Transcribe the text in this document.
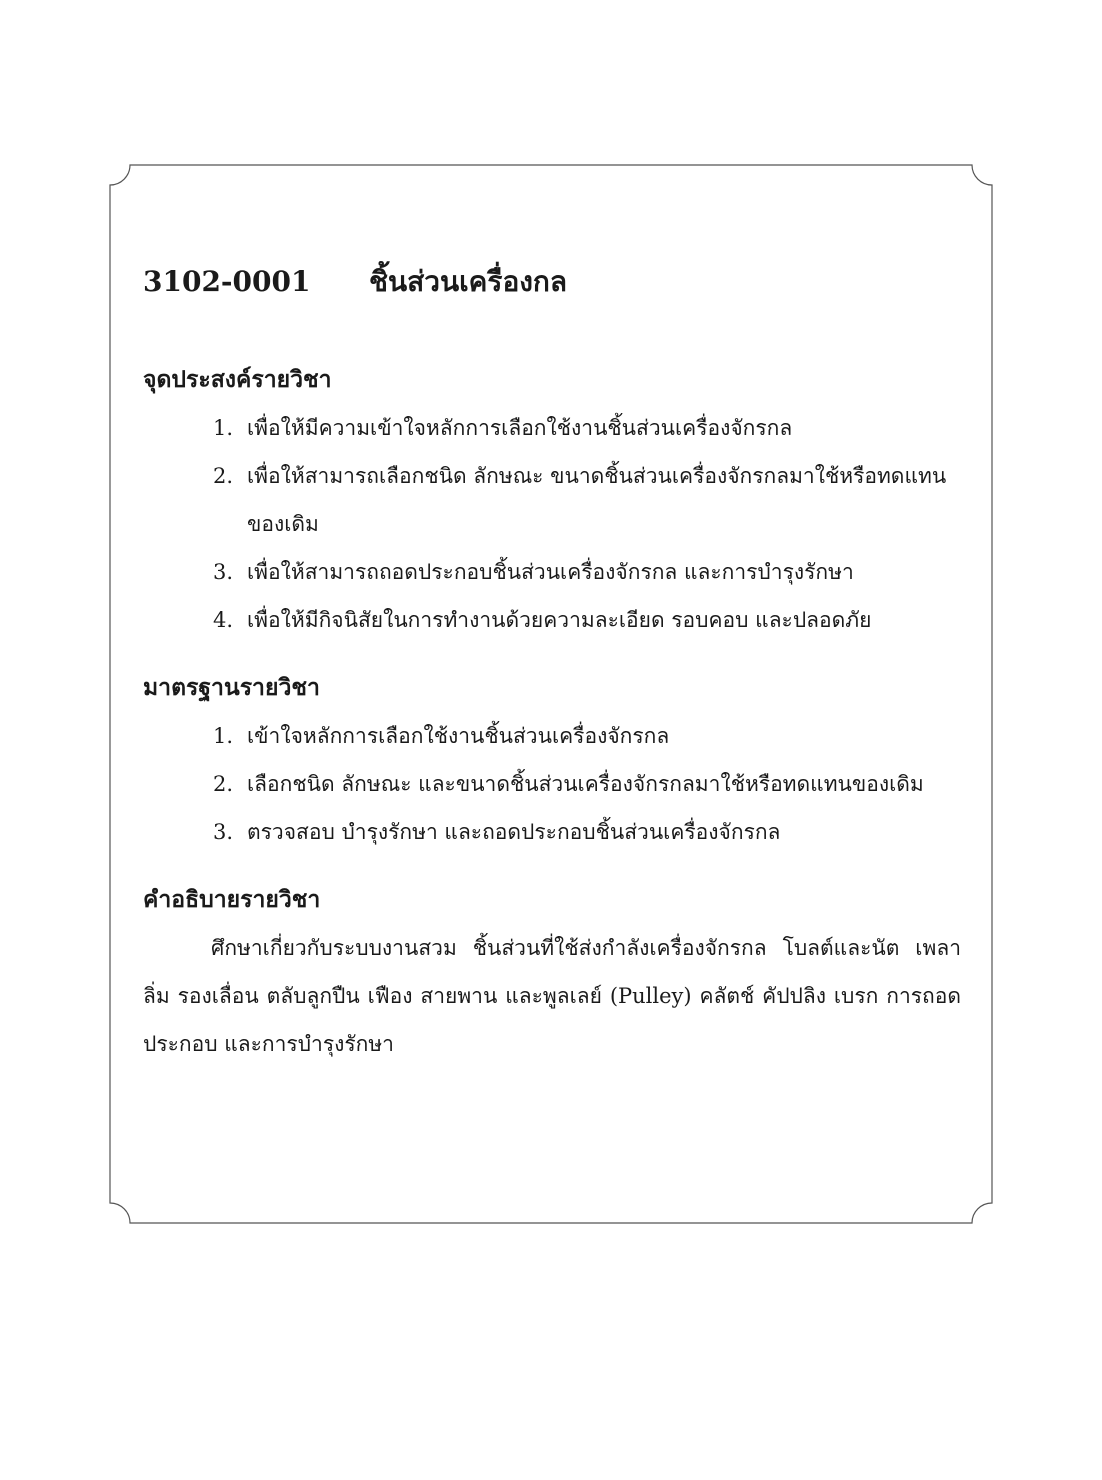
3102-0001	ชิ้นส่วนเครื่องกล
จุดประสงค์รายวิชา
1. เพื่อให้มีความเข้าใจหลักการเลือกใช้งานชิ้นส่วนเครื่องจักรกล
2. เพื่อให้สามารถเลือกชนิด ลักษณะ ขนาดชิ้นส่วนเครื่องจักรกลมาใช้หรือทดแทนของเดิม
3. เพื่อให้สามารถถอดประกอบชิ้นส่วนเครื่องจักรกล และการบำรุงรักษา
4. เพื่อให้มีกิจนิสัยในการทำงานด้วยความละเอียด รอบคอบ และปลอดภัย
มาตรฐานรายวิชา
1. เข้าใจหลักการเลือกใช้งานชิ้นส่วนเครื่องจักรกล
2. เลือกชนิด ลักษณะ และขนาดชิ้นส่วนเครื่องจักรกลมาใช้หรือทดแทนของเดิม
3. ตรวจสอบ บำรุงรักษา และถอดประกอบชิ้นส่วนเครื่องจักรกล
คำอธิบายรายวิชา

ศึกษาเกี่ยวกับระบบงานสวม ชิ้นส่วนที่ใช้ส่งกำลังเครื่องจักรกล โบลต์และนัต เพลา ลิ่ม รองเลื่อน ตลับลูกปืน เฟือง สายพาน และพูลเลย์ (Pulley) คลัตช์ คัปปลิง เบรก การถอดประกอบ และการบำรุงรักษา
